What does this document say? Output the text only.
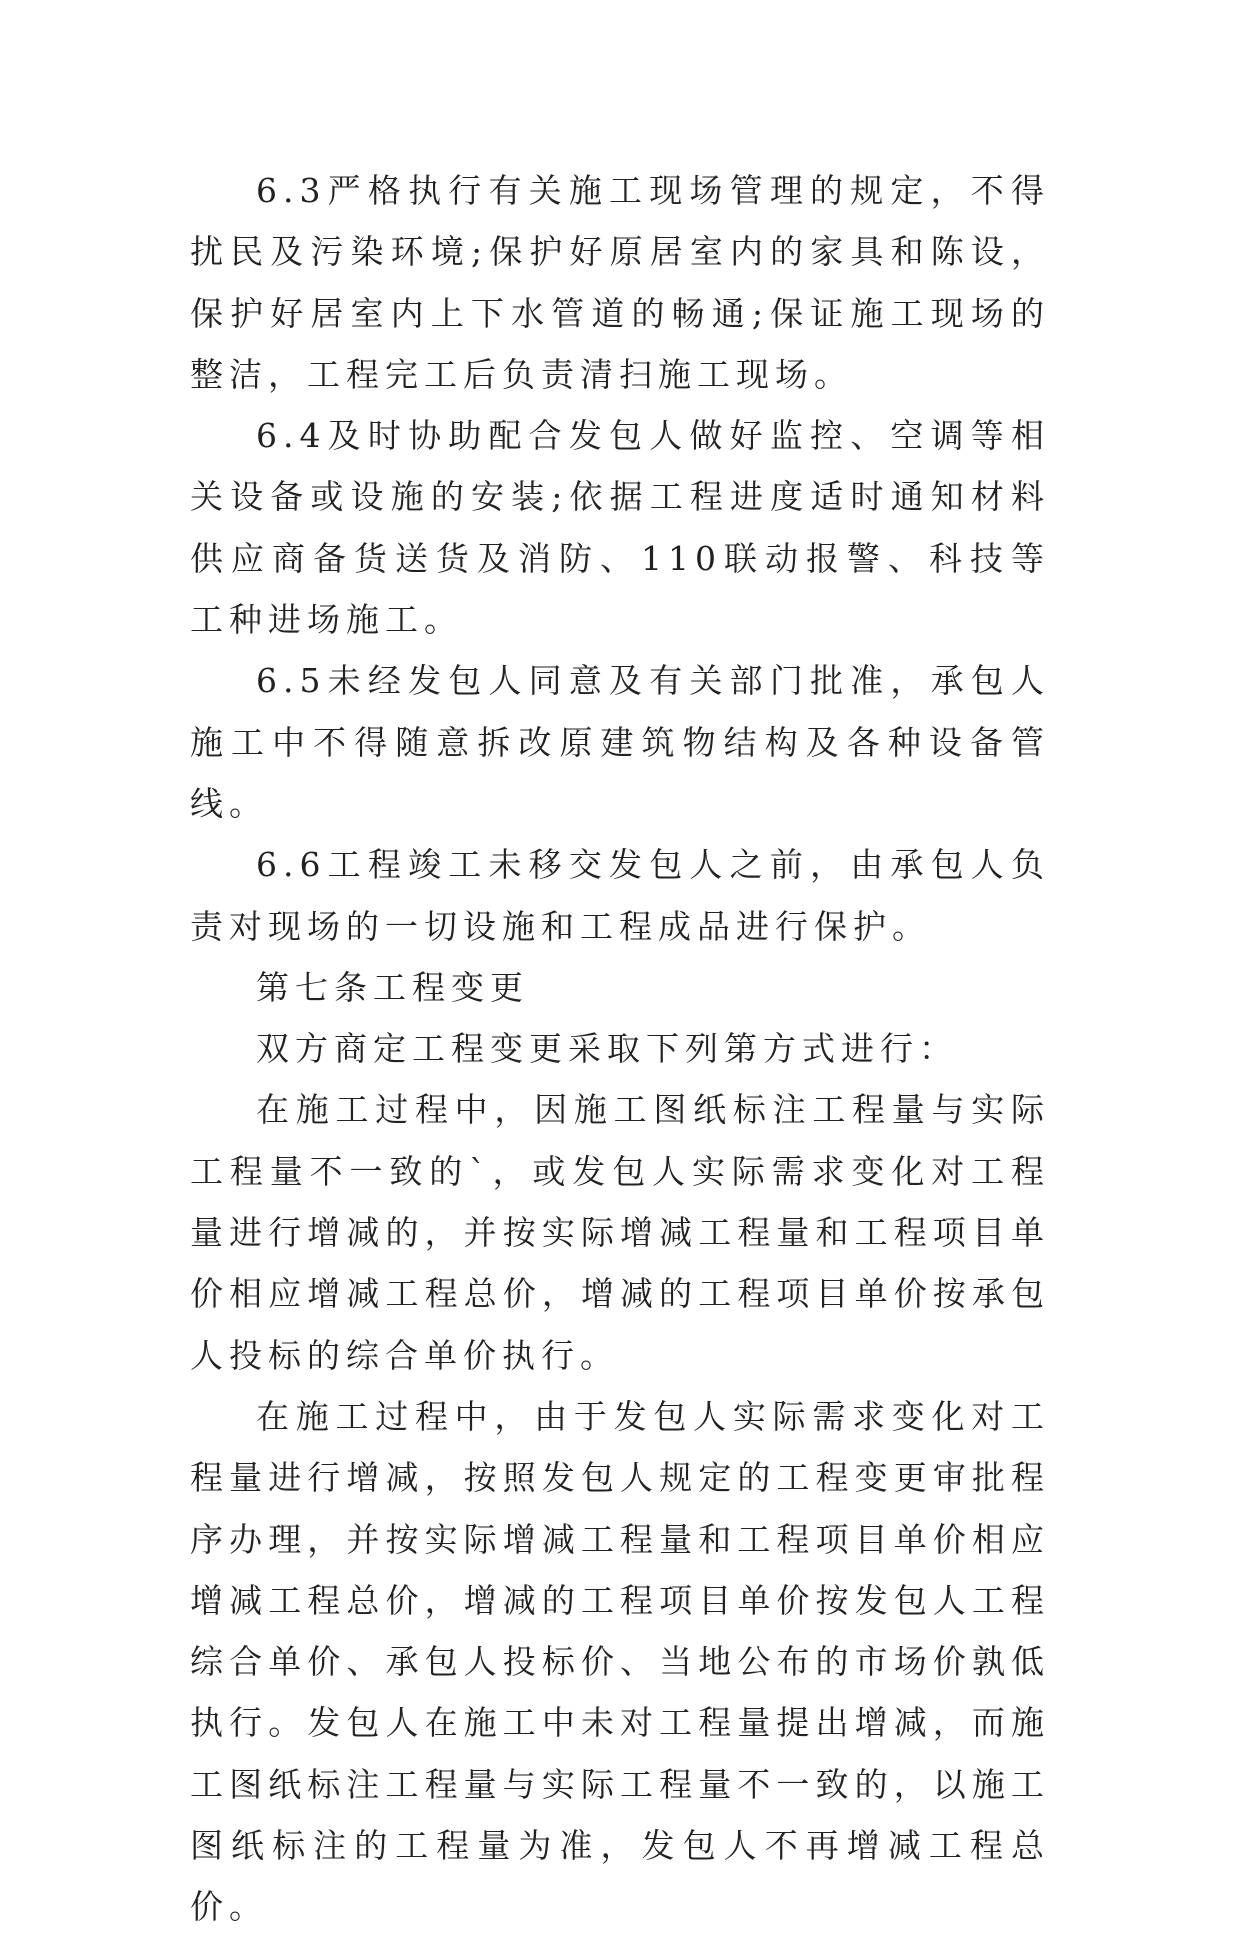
6.3严格执行有关施工现场管理的规定，不得扰民及污染环境;保护好原居室内的家具和陈设，保护好居室内上下水管道的畅通;保证施工现场的整洁，工程完工后负责清扫施工现场。

6.4及时协助配合发包人做好监控、空调等相关设备或设施的安装;依据工程进度适时通知材料供应商备货送货及消防、110联动报警、科技等工种进场施工。

6.5未经发包人同意及有关部门批准，承包人施工中不得随意拆改原建筑物结构及各种设备管线。

6.6工程竣工未移交发包人之前，由承包人负责对现场的一切设施和工程成品进行保护。

第七条工程变更

双方商定工程变更采取下列第方式进行：

在施工过程中，因施工图纸标注工程量与实际工程量不一致的`，或发包人实际需求变化对工程量进行增减的，并按实际增减工程量和工程项目单价相应增减工程总价，增减的工程项目单价按承包人投标的综合单价执行。

在施工过程中，由于发包人实际需求变化对工程量进行增减，按照发包人规定的工程变更审批程序办理，并按实际增减工程量和工程项目单价相应增减工程总价，增减的工程项目单价按发包人工程综合单价、承包人投标价、当地公布的市场价孰低执行。发包人在施工中未对工程量提出增减，而施工图纸标注工程量与实际工程量不一致的，以施工图纸标注的工程量为准，发包人不再增减工程总价。
